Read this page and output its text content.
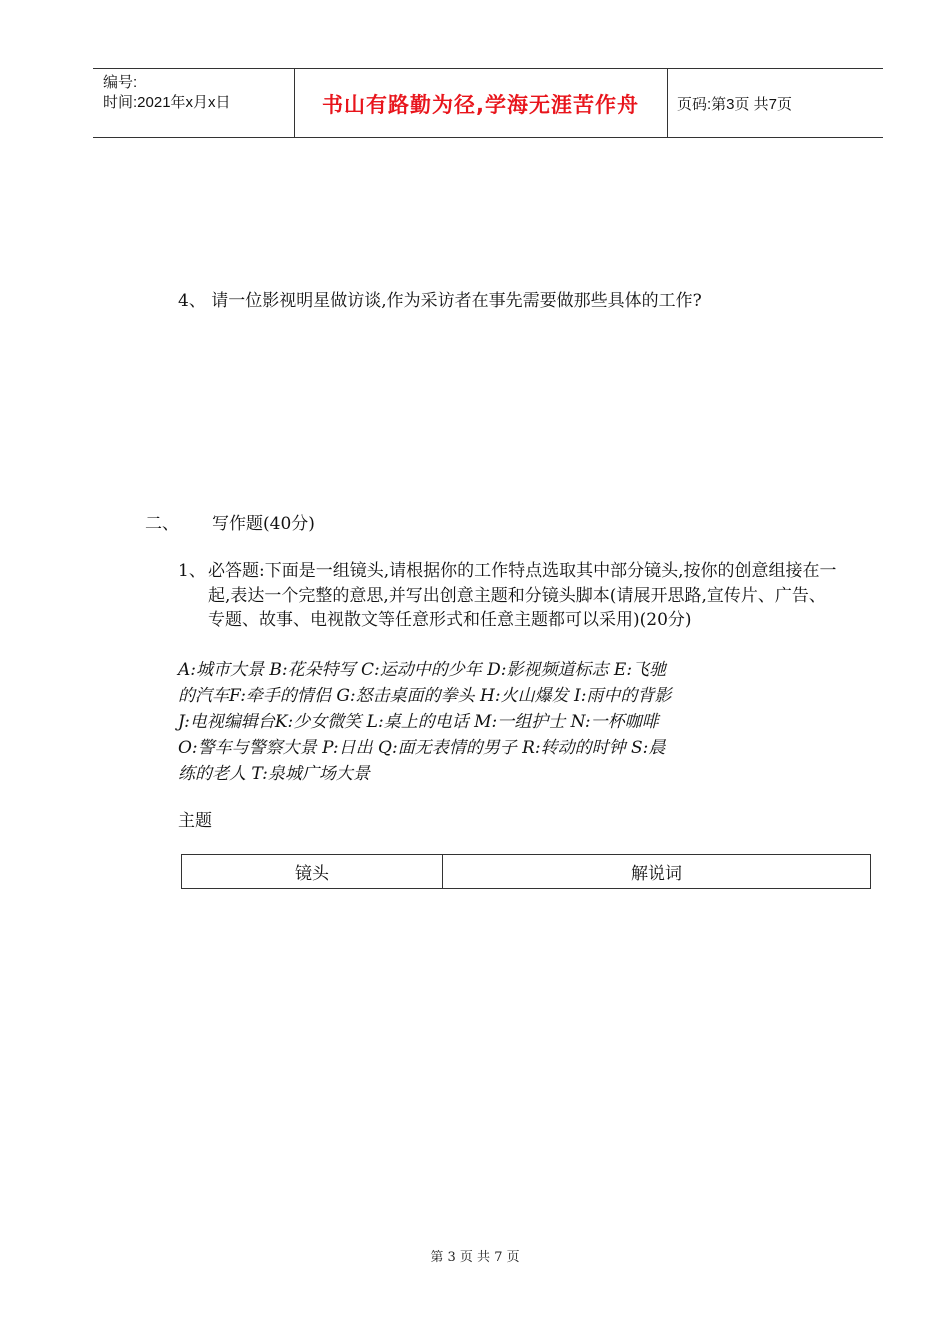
编号:
时间:2021年x月x日	书山有路勤为径,学海无涯苦作舟	页码:第3页 共7页
4、 请一位影视明星做访谈,作为采访者在事先需要做那些具体的工作?
二、 写作题(40分)
1、 必答题:下面是一组镜头,请根据你的工作特点选取其中部分镜头,按你的创意组接在一起,表达一个完整的意思,并写出创意主题和分镜头脚本(请展开思路,宣传片、广告、专题、故事、电视散文等任意形式和任意主题都可以采用)(20分)
A:城市大景 B:花朵特写 C:运动中的少年 D:影视频道标志 E:飞驰
的汽车F:牵手的情侣 G:怒击桌面的拳头 H:火山爆发 I:雨中的背影
J:电视编辑台K:少女微笑 L:桌上的电话 M:一组护士 N:一杯咖啡
O:警车与警察大景 P:日出 Q:面无表情的男子 R:转动的时钟 S:晨
练的老人 T:泉城广场大景
主题
镜头	解说词
第 3 页 共 7 页
